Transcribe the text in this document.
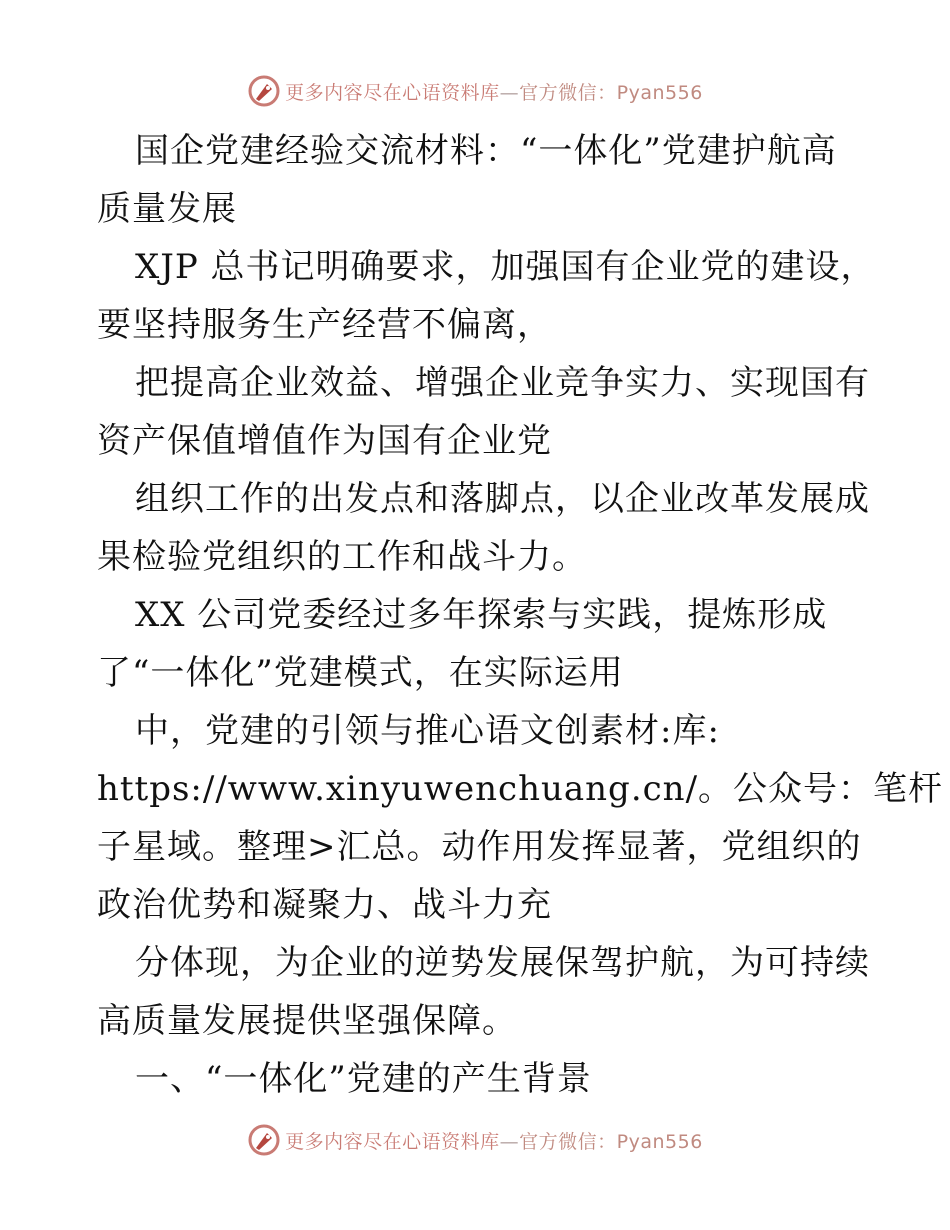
更多内容尽在心语资料库—官方微信：Pyan556

国企党建经验交流材料：“一体化”党建护航高

质量发展

XJP 总书记明确要求，加强国有企业党的建设，

要坚持服务生产经营不偏离，

把提高企业效益、增强企业竞争实力、实现国有

资产保值增值作为国有企业党

组织工作的出发点和落脚点，以企业改革发展成

果检验党组织的工作和战斗力。

XX 公司党委经过多年探索与实践，提炼形成

了“一体化”党建模式，在实际运用

中，党建的引领与推心语文创素材:库:

https://www.xinyuwenchuang.cn/。公众号：笔杆

子星域。整理>汇总。动作用发挥显著，党组织的

政治优势和凝聚力、战斗力充

分体现，为企业的逆势发展保驾护航，为可持续

高质量发展提供坚强保障。

一、“一体化”党建的产生背景

更多内容尽在心语资料库—官方微信：Pyan556
